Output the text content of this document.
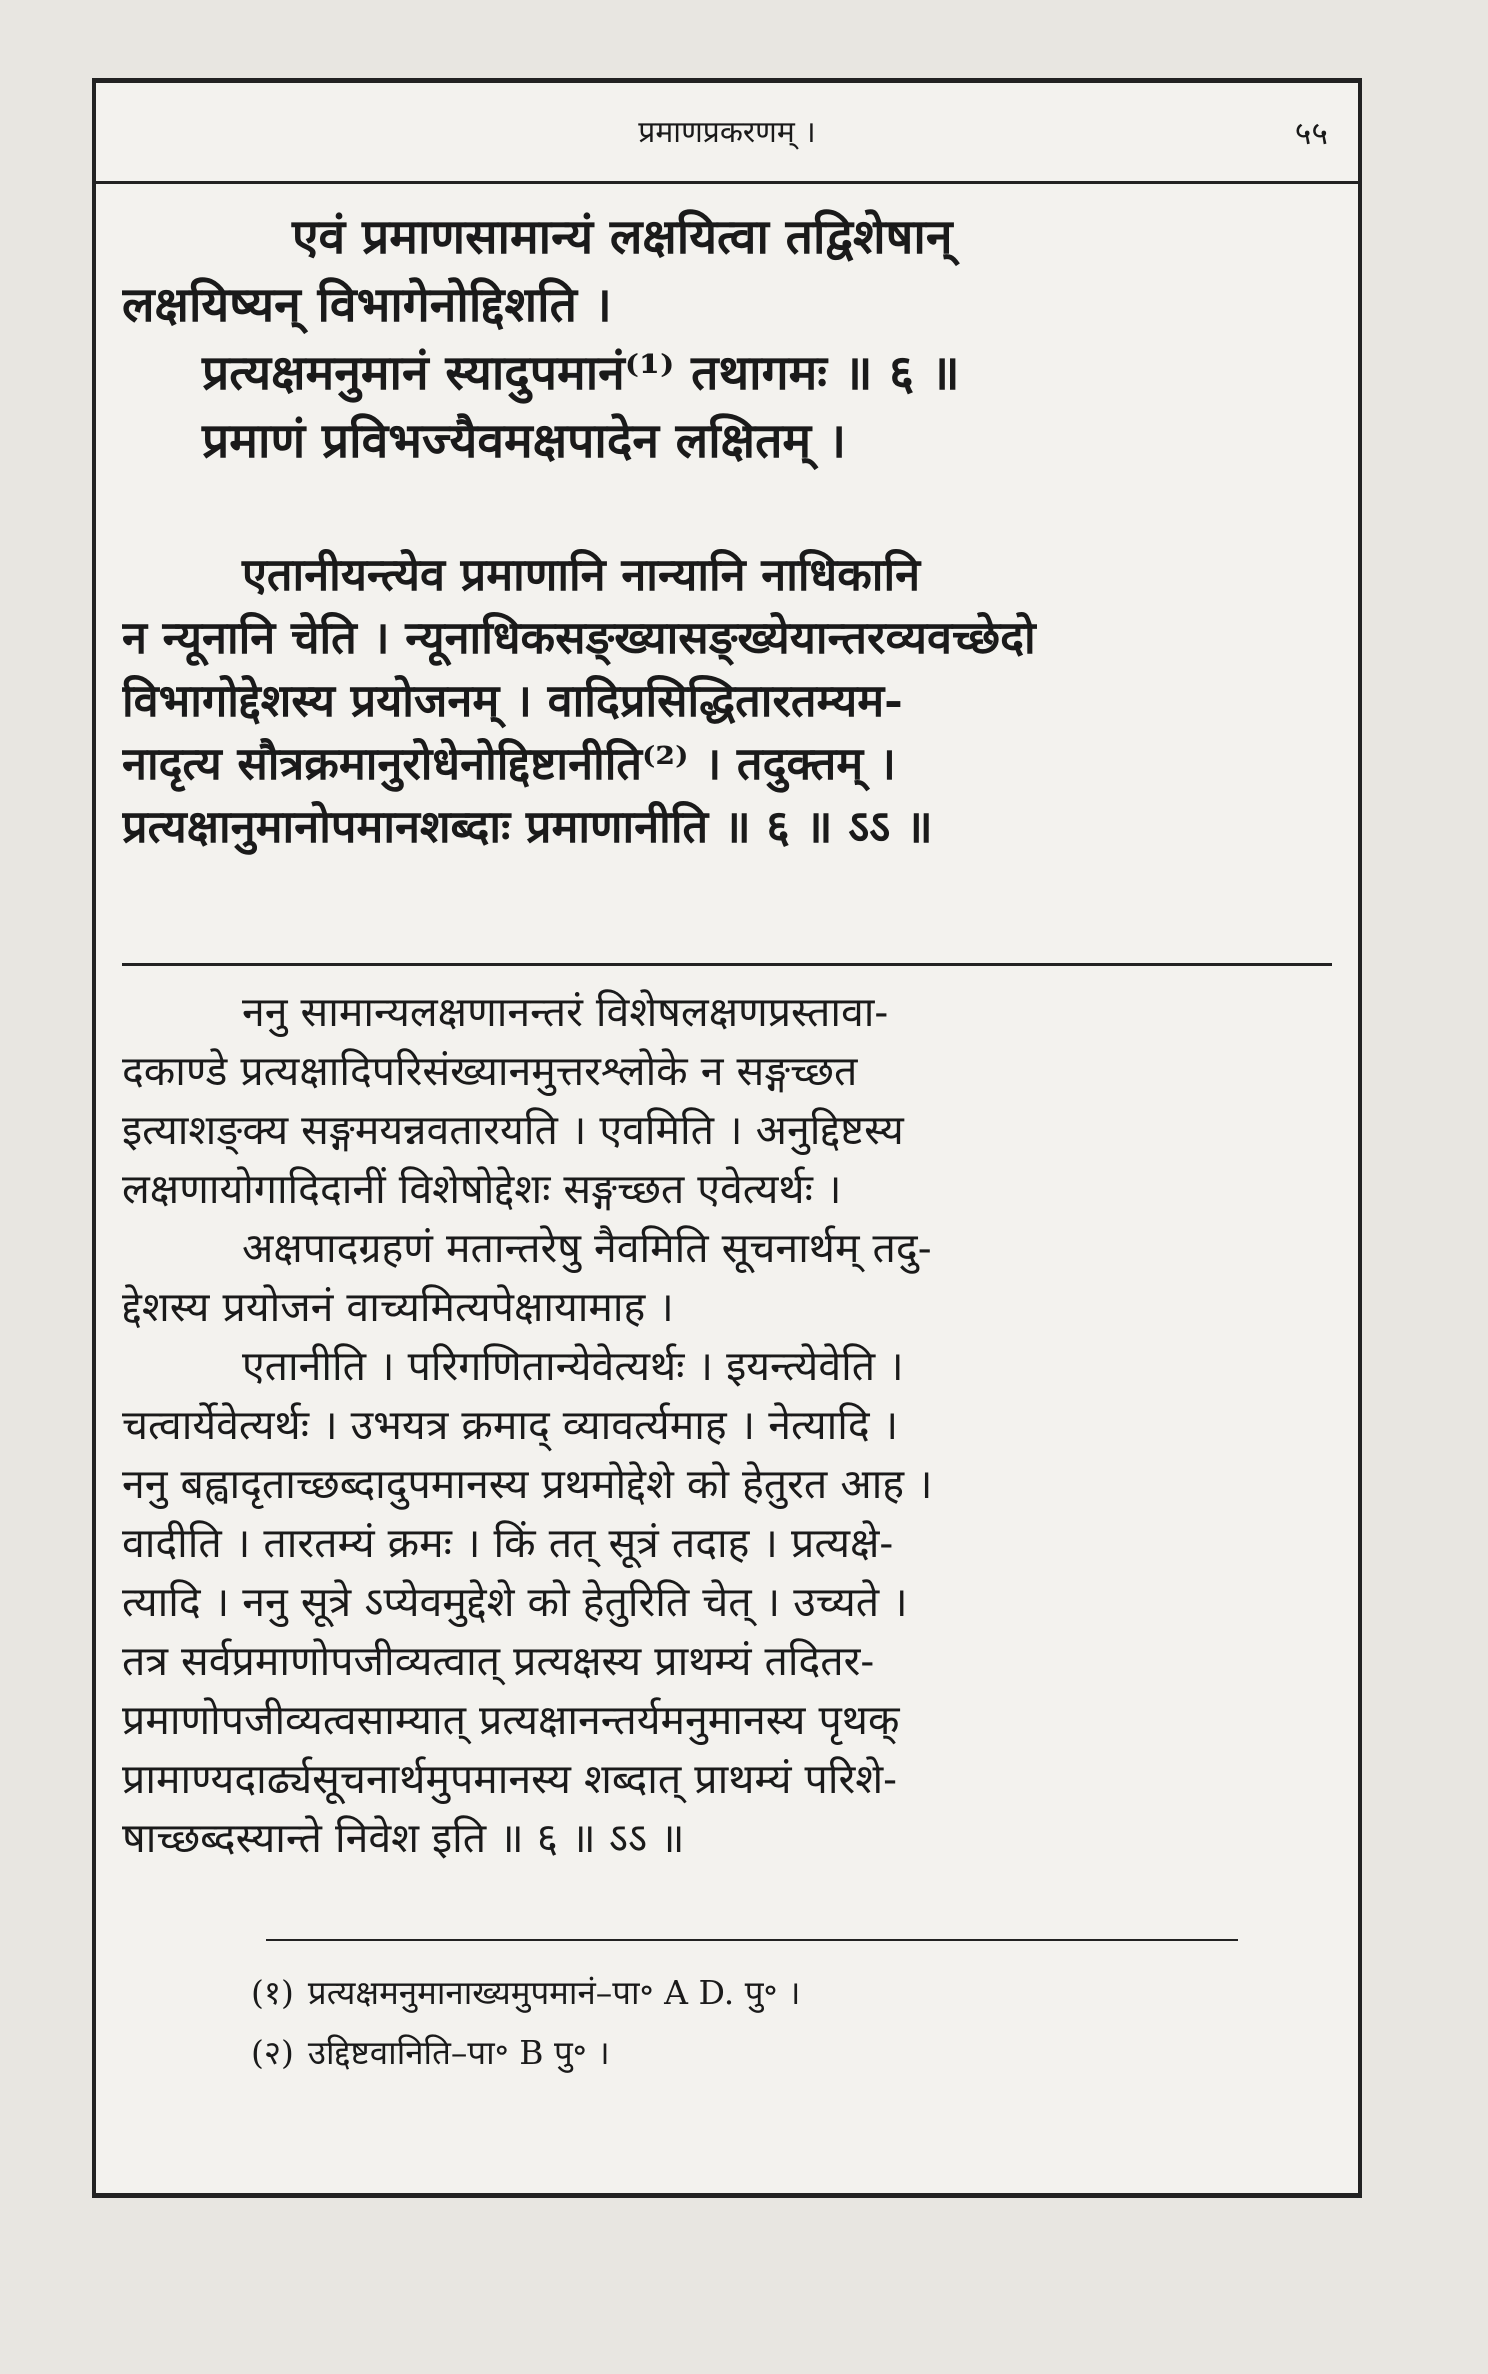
प्रमाणप्रकरणम् ।	५५
एवं प्रमाणसामान्यं लक्षयित्वा तद्विशेषान्
लक्षयिष्यन् विभागेनोद्दिशति ।
प्रत्यक्षमनुमानं स्यादुपमानं⁽¹⁾ तथागमः ॥ ६ ॥
प्रमाणं प्रविभज्यैवमक्षपादेन लक्षितम् ।
एतानीयन्त्येव प्रमाणानि नान्यानि नाधिकानि
न न्यूनानि चेति । न्यूनाधिकसङ्ख्यासङ्ख्येयान्तरव्यवच्छेदो
विभागोद्देशस्य प्रयोजनम् । वादिप्रसिद्धितारतम्यम-
नादृत्य सौत्रक्रमानुरोधेनोद्दिष्टानीति⁽²⁾ । तदुक्तम् ।
प्रत्यक्षानुमानोपमानशब्दाः प्रमाणानीति ॥ ६ ॥ ऽऽ ॥
ननु सामान्यलक्षणानन्तरं विशेषलक्षणप्रस्तावा-
दकाण्डे प्रत्यक्षादिपरिसंख्यानमुत्तरश्लोके न सङ्गच्छत
इत्याशङ्क्य सङ्गमयन्नवतारयति । एवमिति । अनुद्दिष्टस्य
लक्षणायोगादिदानीं विशेषोद्देशः सङ्गच्छत एवेत्यर्थः ।
अक्षपादग्रहणं मतान्तरेषु नैवमिति सूचनार्थम् तदु-
द्देशस्य प्रयोजनं वाच्यमित्यपेक्षायामाह ।
एतानीति । परिगणितान्येवेत्यर्थः । इयन्त्येवेति ।
चत्वार्येवेत्यर्थः । उभयत्र क्रमाद् व्यावर्त्यमाह । नेत्यादि ।
ननु बह्वादृताच्छब्दादुपमानस्य प्रथमोद्देशे को हेतुरत आह ।
वादीति । तारतम्यं क्रमः । किं तत् सूत्रं तदाह । प्रत्यक्षे-
त्यादि । ननु सूत्रे ऽप्येवमुद्देशे को हेतुरिति चेत् । उच्यते ।
तत्र सर्वप्रमाणोपजीव्यत्वात् प्रत्यक्षस्य प्राथम्यं तदितर-
प्रमाणोपजीव्यत्वसाम्यात् प्रत्यक्षानन्तर्यमनुमानस्य पृथक्
प्रामाण्यदार्ढ्यसूचनार्थमुपमानस्य शब्दात् प्राथम्यं परिशे-
षाच्छब्दस्यान्ते निवेश इति ॥ ६ ॥ ऽऽ ॥
(१) प्रत्यक्षमनुमानाख्यमुपमानं–पा॰ A D. पु॰ ।
(२) उद्दिष्टवानिति–पा॰ B पु॰ ।
